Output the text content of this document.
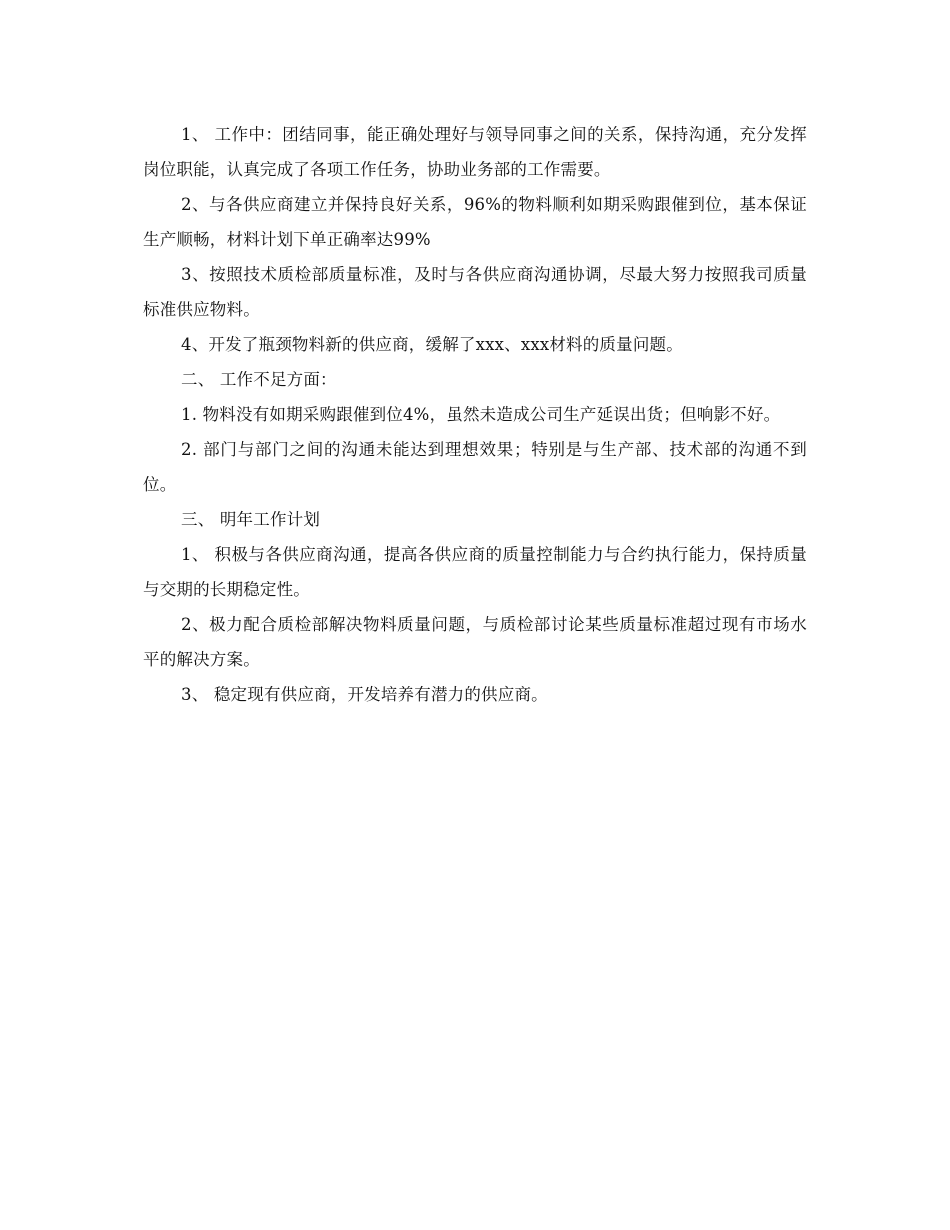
1、 工作中：团结同事，能正确处理好与领导同事之间的关系，保持沟通，充分发挥岗位职能，认真完成了各项工作任务，协助业务部的工作需要。

2、与各供应商建立并保持良好关系，96%的物料顺利如期采购跟催到位，基本保证生产顺畅，材料计划下单正确率达99%

3、按照技术质检部质量标准，及时与各供应商沟通协调，尽最大努力按照我司质量标准供应物料。

4、开发了瓶颈物料新的供应商，缓解了xxx、xxx材料的质量问题。

二、 工作不足方面：

1. 物料没有如期采购跟催到位4%，虽然未造成公司生产延误出货；但响影不好。

2. 部门与部门之间的沟通未能达到理想效果；特别是与生产部、技术部的沟通不到位。

三、 明年工作计划

1、 积极与各供应商沟通，提高各供应商的质量控制能力与合约执行能力，保持质量与交期的长期稳定性。

2、极力配合质检部解决物料质量问题，与质检部讨论某些质量标准超过现有市场水平的解决方案。

3、 稳定现有供应商，开发培养有潜力的供应商。
